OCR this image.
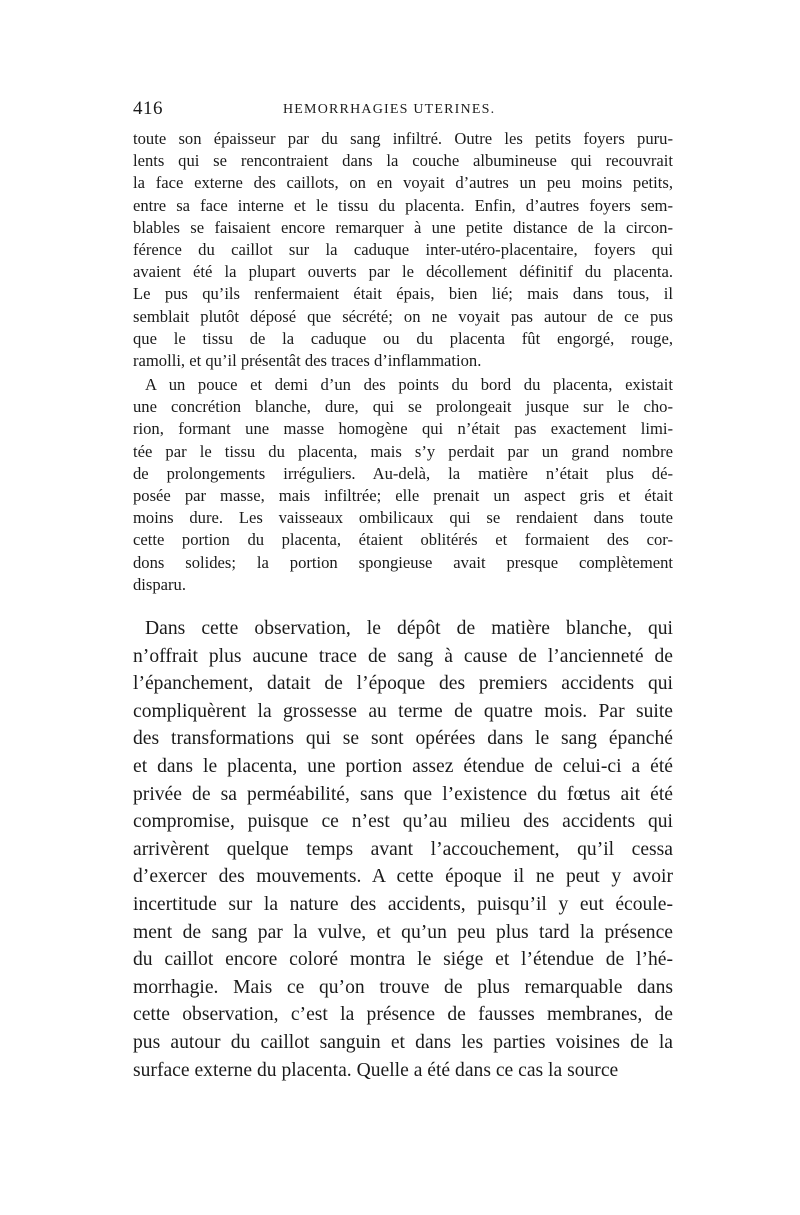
416	HEMORRHAGIES UTERINES.
toute son épaisseur par du sang infiltré. Outre les petits foyers puru-
lents qui se rencontraient dans la couche albumineuse qui recouvrait
la face externe des caillots, on en voyait d’autres un peu moins petits,
entre sa face interne et le tissu du placenta. Enfin, d’autres foyers sem-
blables se faisaient encore remarquer à une petite distance de la circon-
férence du caillot sur la caduque inter-utéro-placentaire, foyers qui
avaient été la plupart ouverts par le décollement définitif du placenta.
Le pus qu’ils renfermaient était épais, bien lié; mais dans tous, il
semblait plutôt déposé que sécrété; on ne voyait pas autour de ce pus
que le tissu de la caduque ou du placenta fût engorgé, rouge,
ramolli, et qu’il présentât des traces d’inflammation.
A un pouce et demi d’un des points du bord du placenta, existait
une concrétion blanche, dure, qui se prolongeait jusque sur le cho-
rion, formant une masse homogène qui n’était pas exactement limi-
tée par le tissu du placenta, mais s’y perdait par un grand nombre
de prolongements irréguliers. Au-delà, la matière n’était plus dé-
posée par masse, mais infiltrée; elle prenait un aspect gris et était
moins dure. Les vaisseaux ombilicaux qui se rendaient dans toute
cette portion du placenta, étaient oblitérés et formaient des cor-
dons solides; la portion spongieuse avait presque complètement
disparu.
Dans cette observation, le dépôt de matière blanche, qui
n’offrait plus aucune trace de sang à cause de l’ancienneté de
l’épanchement, datait de l’époque des premiers accidents qui
compliquèrent la grossesse au terme de quatre mois. Par suite
des transformations qui se sont opérées dans le sang épanché
et dans le placenta, une portion assez étendue de celui-ci a été
privée de sa perméabilité, sans que l’existence du fœtus ait été
compromise, puisque ce n’est qu’au milieu des accidents qui
arrivèrent quelque temps avant l’accouchement, qu’il cessa
d’exercer des mouvements. A cette époque il ne peut y avoir
incertitude sur la nature des accidents, puisqu’il y eut écoule-
ment de sang par la vulve, et qu’un peu plus tard la présence
du caillot encore coloré montra le siége et l’étendue de l’hé-
morrhagie. Mais ce qu’on trouve de plus remarquable dans
cette observation, c’est la présence de fausses membranes, de
pus autour du caillot sanguin et dans les parties voisines de la
surface externe du placenta. Quelle a été dans ce cas la source
